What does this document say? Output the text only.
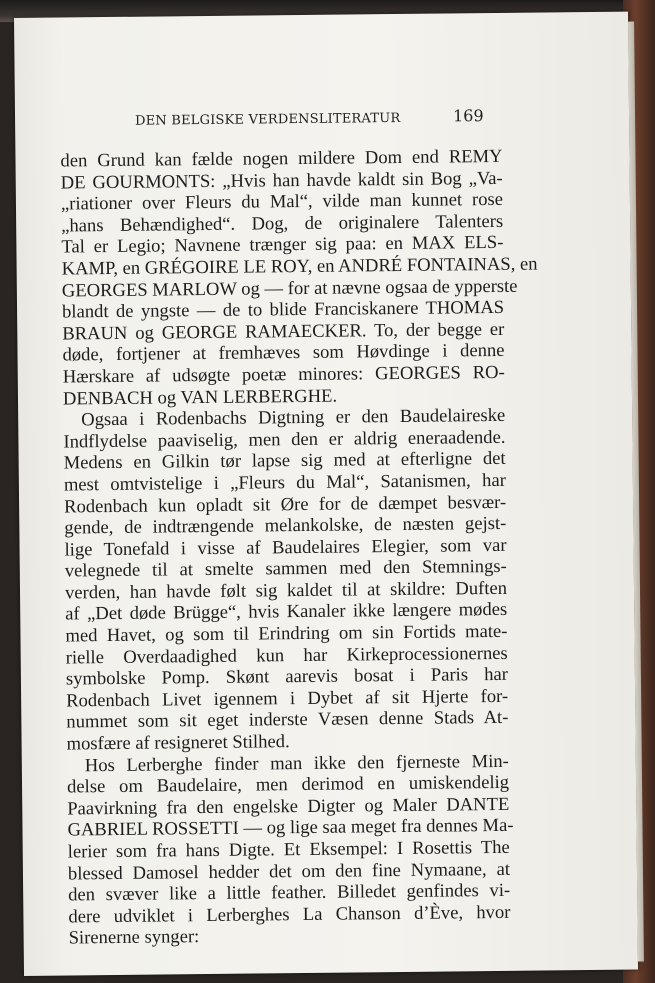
DEN BELGISKE VERDENSLITERATUR	169
den Grund kan fælde nogen mildere Dom end REMY
DE GOURMONTS: „Hvis han havde kaldt sin Bog „Va-
„riationer over Fleurs du Mal“, vilde man kunnet rose
„hans Behændighed“. Dog, de originalere Talenters
Tal er Legio; Navnene trænger sig paa: en MAX ELS-
KAMP, en GRÉGOIRE LE ROY, en ANDRÉ FONTAINAS, en
GEORGES MARLOW og — for at nævne ogsaa de ypperste
blandt de yngste — de to blide Franciskanere THOMAS
BRAUN og GEORGE RAMAECKER. To, der begge er
døde, fortjener at fremhæves som Høvdinge i denne
Hærskare af udsøgte poetæ minores: GEORGES RO-
DENBACH og VAN LERBERGHE.
Ogsaa i Rodenbachs Digtning er den Baudelaireske
Indflydelse paaviselig, men den er aldrig eneraadende.
Medens en Gilkin tør lapse sig med at efterligne det
mest omtvistelige i „Fleurs du Mal“, Satanismen, har
Rodenbach kun opladt sit Øre for de dæmpet besvær-
gende, de indtrængende melankolske, de næsten gejst-
lige Tonefald i visse af Baudelaires Elegier, som var
velegnede til at smelte sammen med den Stemnings-
verden, han havde følt sig kaldet til at skildre: Duften
af „Det døde Brügge“, hvis Kanaler ikke længere mødes
med Havet, og som til Erindring om sin Fortids mate-
rielle Overdaadighed kun har Kirkeprocessionernes
symbolske Pomp. Skønt aarevis bosat i Paris har
Rodenbach Livet igennem i Dybet af sit Hjerte for-
nummet som sit eget inderste Væsen denne Stads At-
mosfære af resigneret Stilhed.
Hos Lerberghe finder man ikke den fjerneste Min-
delse om Baudelaire, men derimod en umiskendelig
Paavirkning fra den engelske Digter og Maler DANTE
GABRIEL ROSSETTI — og lige saa meget fra dennes Ma-
lerier som fra hans Digte. Et Eksempel: I Rosettis The
blessed Damosel hedder det om den fine Nymaane, at
den svæver like a little feather. Billedet genfindes vi-
dere udviklet i Lerberghes La Chanson d’Ève, hvor
Sirenerne synger:
